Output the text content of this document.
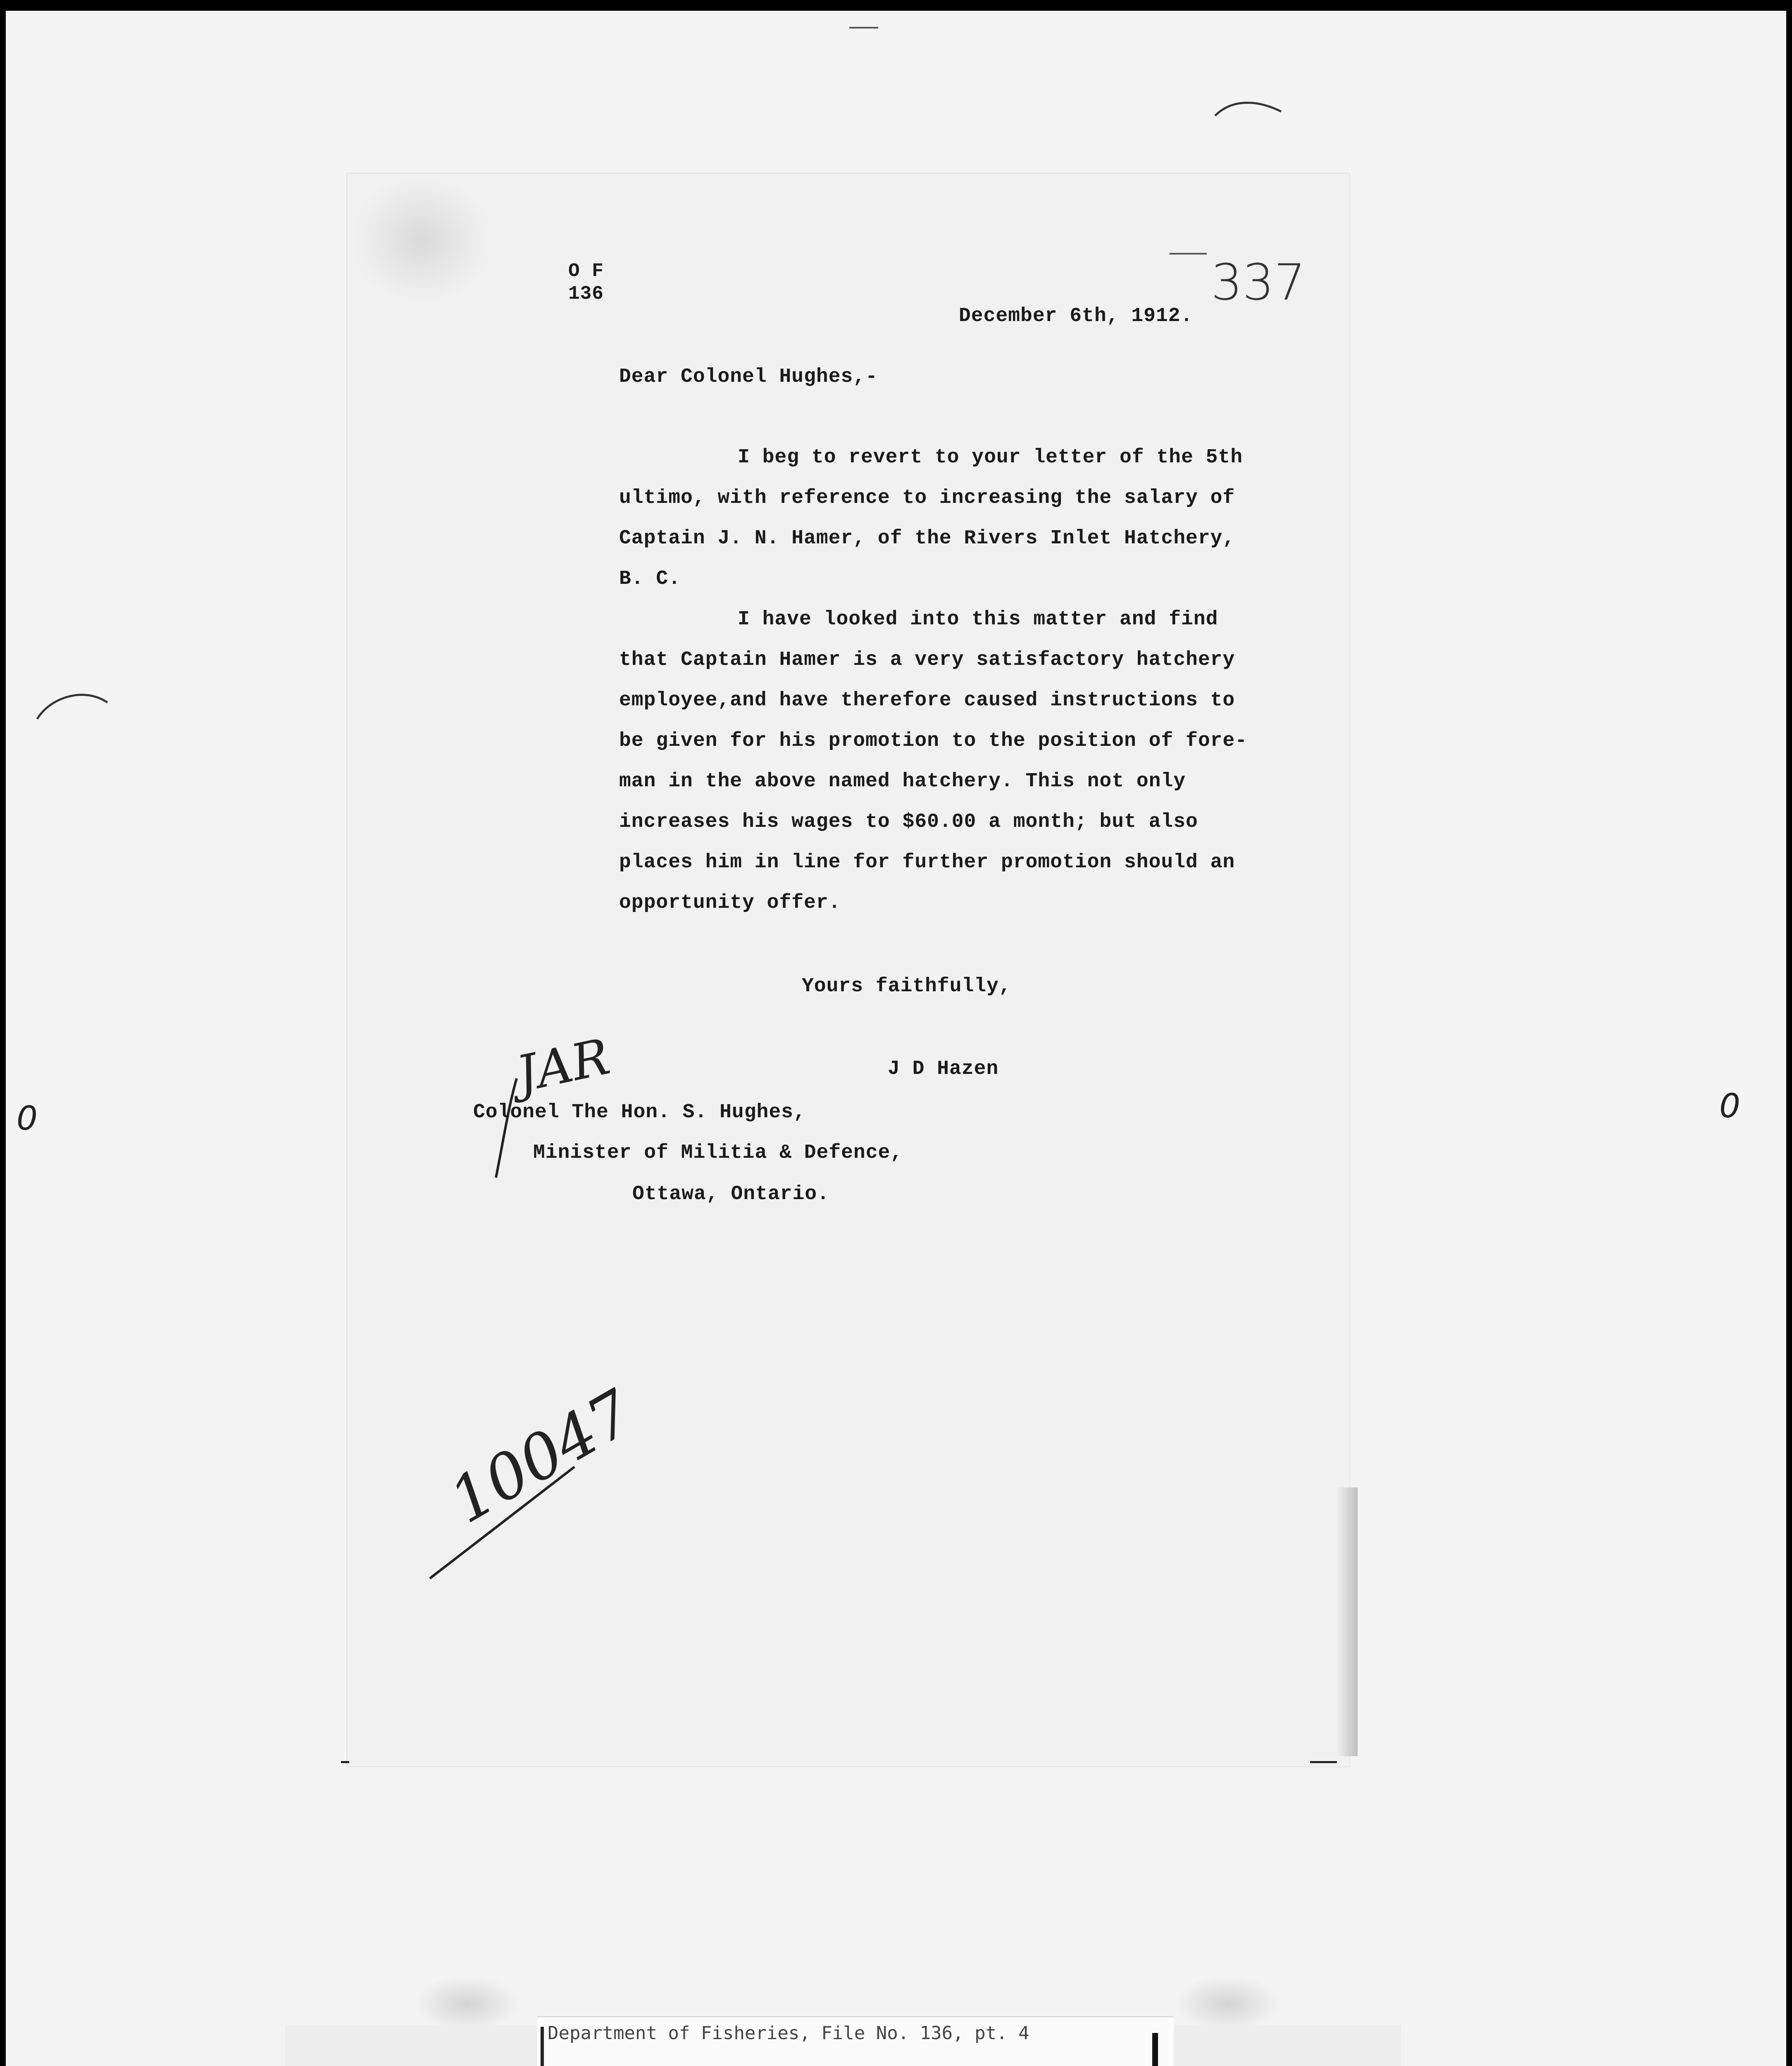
O F
136	337
December 6th, 1912.
Dear Colonel Hughes,-
I beg to revert to your letter of the 5th
ultimo, with reference to increasing the salary of
Captain J. N. Hamer, of the Rivers Inlet Hatchery,
B. C.
I have looked into this matter and find
that Captain Hamer is a very satisfactory hatchery
employee,and have therefore caused instructions to
be given for his promotion to the position of fore-
man in the above named hatchery. This not only
increases his wages to $60.00 a month; but also
places him in line for further promotion should an
opportunity offer.
Yours faithfully,
J D Hazen
JAR
Colonel The Hon. S. Hughes,
Minister of Militia & Defence,
Ottawa, Ontario.
10047
0	0
Department of Fisheries, File No. 136, pt. 4
